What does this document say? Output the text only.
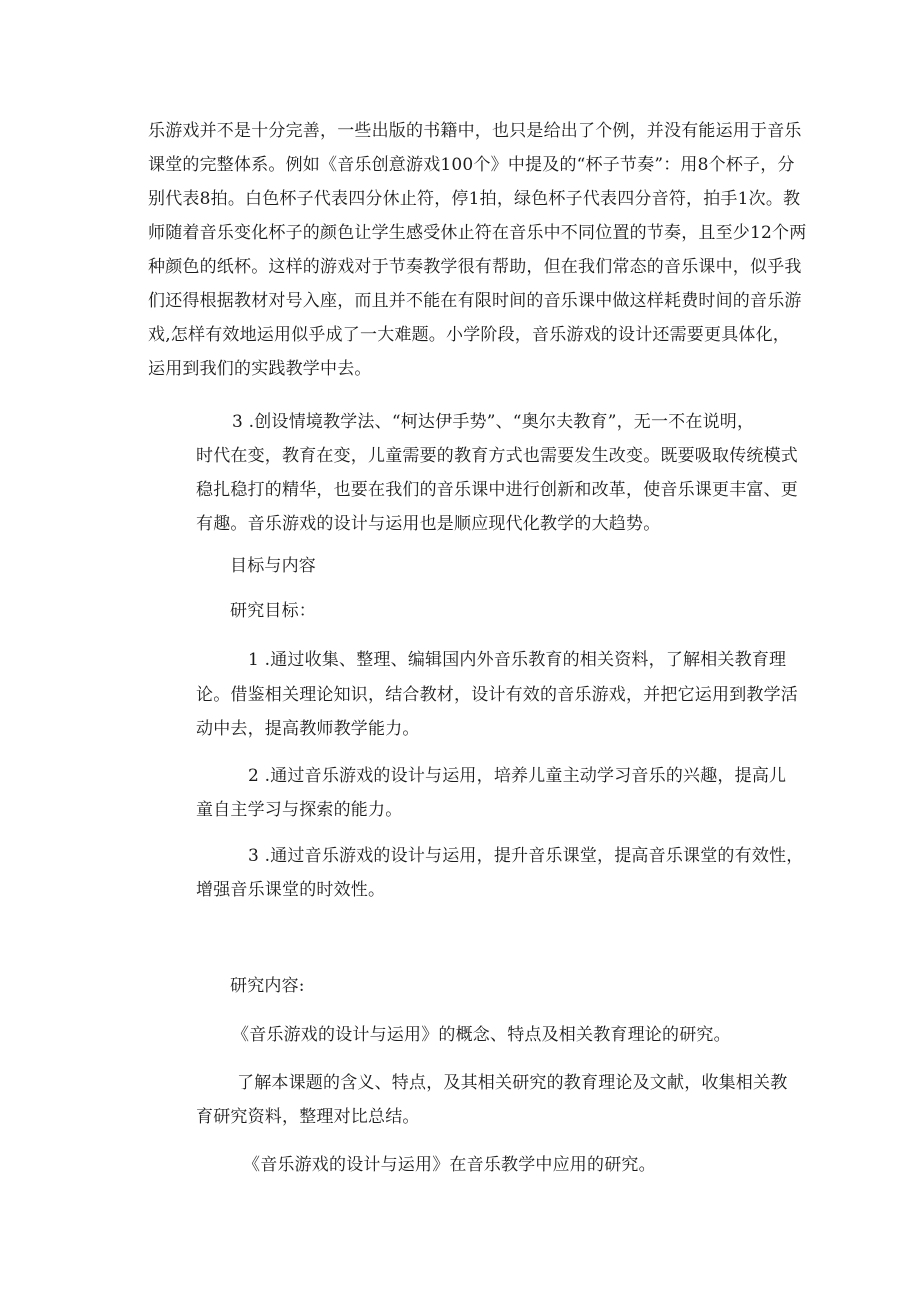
乐游戏并不是十分完善，一些出版的书籍中，也只是给出了个例，并没有能运用于音乐
课堂的完整体系。例如《音乐创意游戏100个》中提及的“杯子节奏”：用8个杯子，分
别代表8拍。白色杯子代表四分休止符，停1拍，绿色杯子代表四分音符，拍手1次。教
师随着音乐变化杯子的颜色让学生感受休止符在音乐中不同位置的节奏，且至少12个两
种颜色的纸杯。这样的游戏对于节奏教学很有帮助，但在我们常态的音乐课中，似乎我
们还得根据教材对号入座，而且并不能在有限时间的音乐课中做这样耗费时间的音乐游
戏,怎样有效地运用似乎成了一大难题。小学阶段，音乐游戏的设计还需要更具体化，
运用到我们的实践教学中去。
3 .创设情境教学法、“柯达伊手势”、“奥尔夫教育”，无一不在说明，
时代在变，教育在变，儿童需要的教育方式也需要发生改变。既要吸取传统模式
稳扎稳打的精华，也要在我们的音乐课中进行创新和改革，使音乐课更丰富、更
有趣。音乐游戏的设计与运用也是顺应现代化教学的大趋势。
目标与内容
研究目标：
1 .通过收集、整理、编辑国内外音乐教育的相关资料，了解相关教育理
论。借鉴相关理论知识，结合教材，设计有效的音乐游戏，并把它运用到教学活
动中去，提高教师教学能力。
2 .通过音乐游戏的设计与运用，培养儿童主动学习音乐的兴趣，提高儿
童自主学习与探索的能力。
3 .通过音乐游戏的设计与运用，提升音乐课堂，提高音乐课堂的有效性，
增强音乐课堂的时效性。
研究内容:
《音乐游戏的设计与运用》的概念、特点及相关教育理论的研究。
了解本课题的含义、特点，及其相关研究的教育理论及文献，收集相关教
育研究资料，整理对比总结。
《音乐游戏的设计与运用》在音乐教学中应用的研究。
